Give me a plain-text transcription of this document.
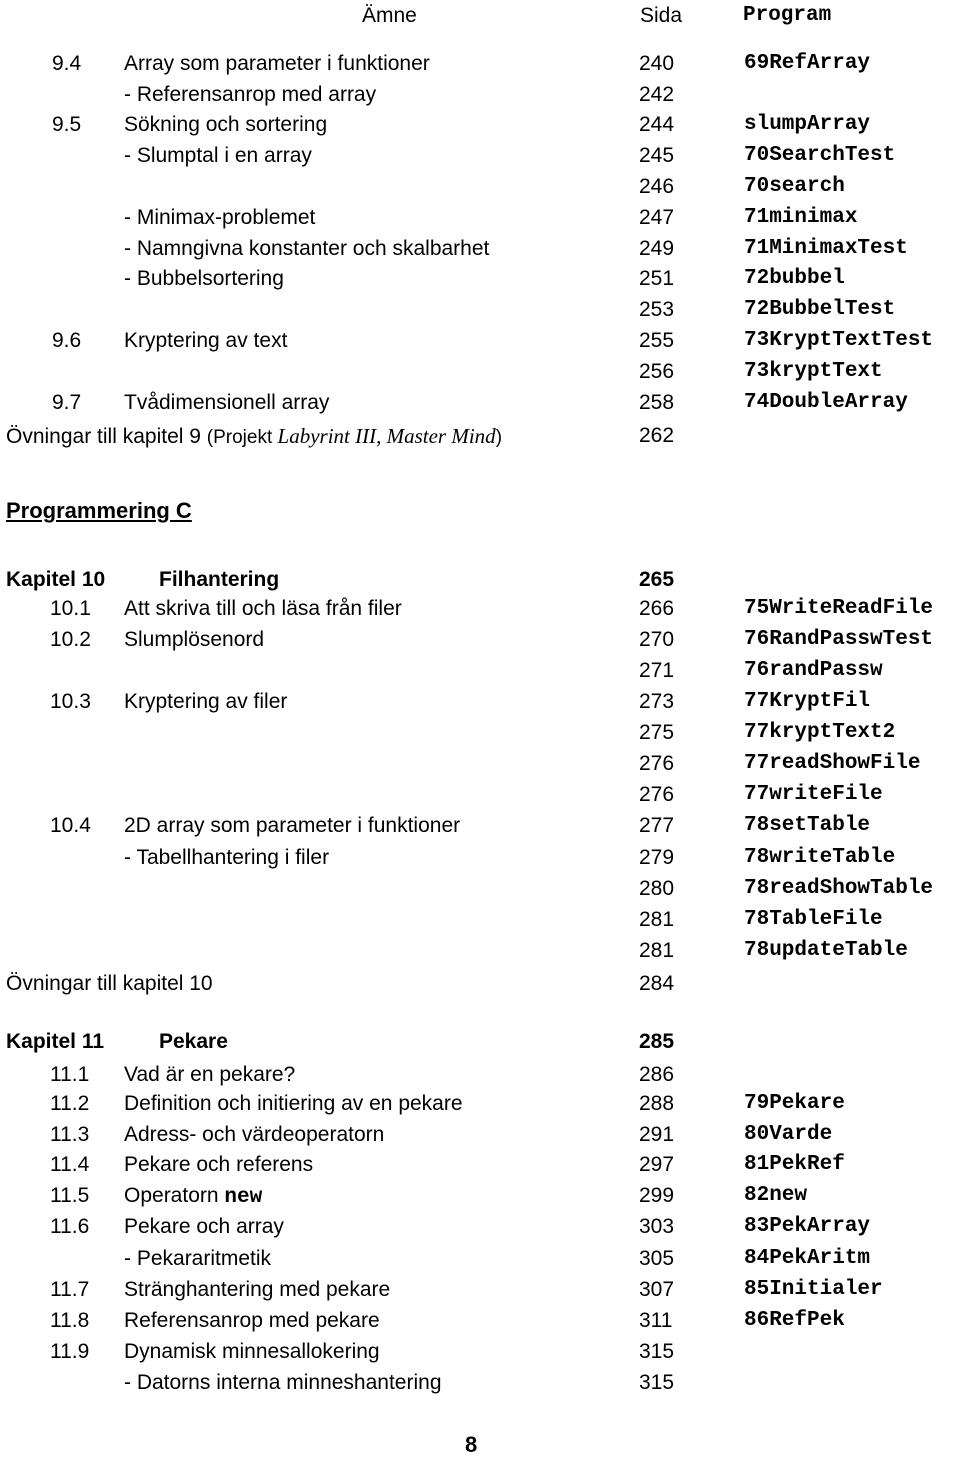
Ämne	Sida	Program
9.4 Array som parameter i funktioner	240	69RefArray
- Referensanrop med array	242
9.5 Sökning och sortering	244	slumpArray
- Slumptal i en array	245	70SearchTest
246	70search
- Minimax-problemet	247	71minimax
- Namngivna konstanter och skalbarhet	249	71MinimaxTest
- Bubbelsortering	251	72bubbel
253	72BubbelTest
9.6 Kryptering av text	255	73KryptTextTest
256	73kryptText
9.7 Tvådimensionell array	258	74DoubleArray
Övningar till kapitel 9 (Projekt Labyrint III, Master Mind)	262
Programmering C
Kapitel 10	Filhantering	265
10.1 Att skriva till och läsa från filer	266	75WriteReadFile
10.2 Slumplösenord	270	76RandPasswTest
271	76randPassw
10.3 Kryptering av filer	273	77KryptFil
275	77kryptText2
276	77readShowFile
276	77writeFile
10.4 2D array som parameter i funktioner	277	78setTable
- Tabellhantering i filer	279	78writeTable
280	78readShowTable
281	78TableFile
281	78updateTable
Övningar till kapitel 10	284
Kapitel 11	Pekare	285
11.1 Vad är en pekare?	286
11.2 Definition och initiering av en pekare	288	79Pekare
11.3 Adress- och värdeoperatorn	291	80Varde
11.4 Pekare och referens	297	81PekRef
11.5 Operatorn new	299	82new
11.6 Pekare och array	303	83PekArray
- Pekararitmetik	305	84PekAritm
11.7 Stränghantering med pekare	307	85Initialer
11.8 Referensanrop med pekare	311	86RefPek
11.9 Dynamisk minnesallokering	315
- Datorns interna minneshantering	315
8
